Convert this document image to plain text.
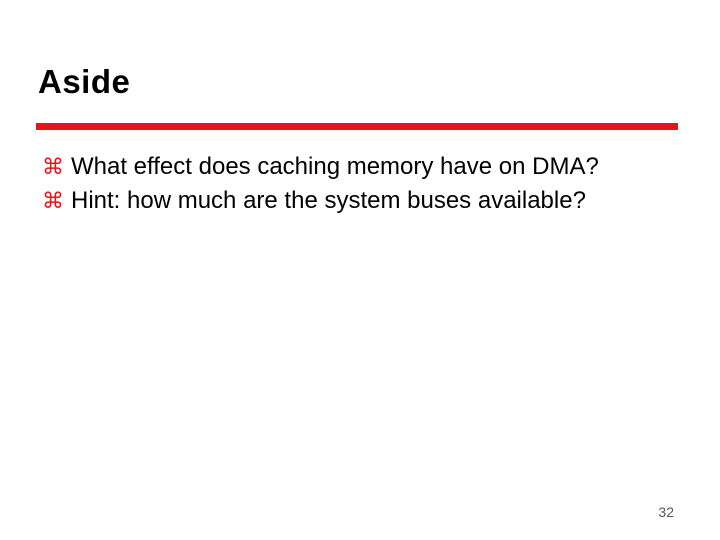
Aside
⌘ What effect does caching memory have on DMA?
⌘ Hint: how much are the system buses available?
32
